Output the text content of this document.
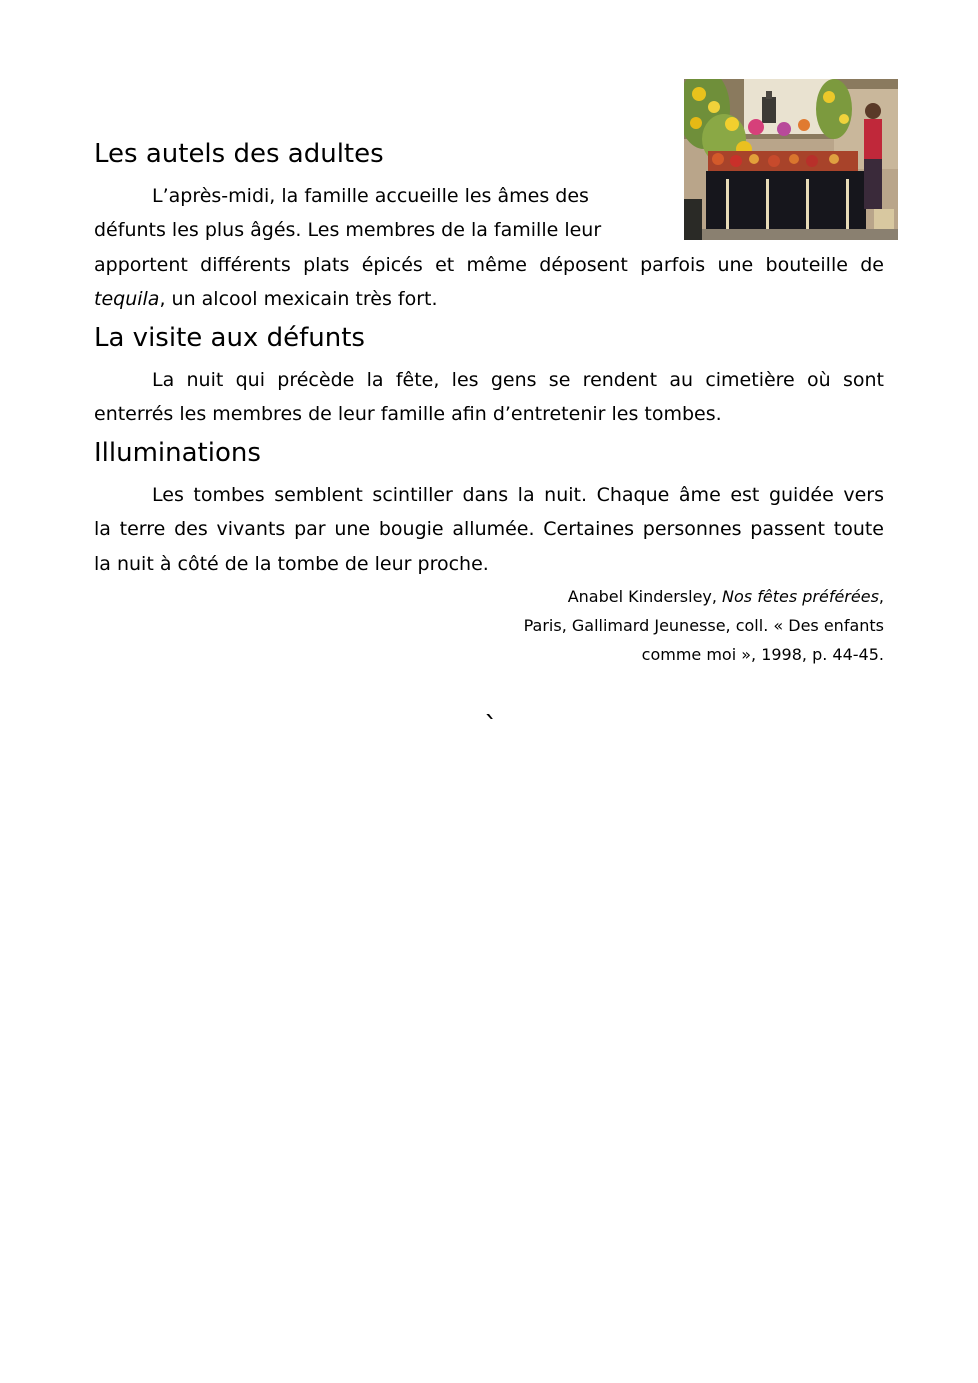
Les autels des adultes
L’après-midi, la famille accueille les âmes des
défunts les plus âgés. Les membres de la famille leur
apportent différents plats épicés et même déposent parfois une bouteille de
tequila, un alcool mexicain très fort.
La visite aux défunts
La nuit qui précède la fête, les gens se rendent au cimetière où sont
enterrés les membres de leur famille afin d’entretenir les tombes.
Illuminations
Les tombes semblent scintiller dans la nuit. Chaque âme est guidée vers
la terre des vivants par une bougie allumée. Certaines personnes passent toute
la nuit à côté de la tombe de leur proche.
Anabel Kindersley, Nos fêtes préférées,
Paris, Gallimard Jeunesse, coll. « Des enfants
comme moi », 1998, p. 44-45.
`
